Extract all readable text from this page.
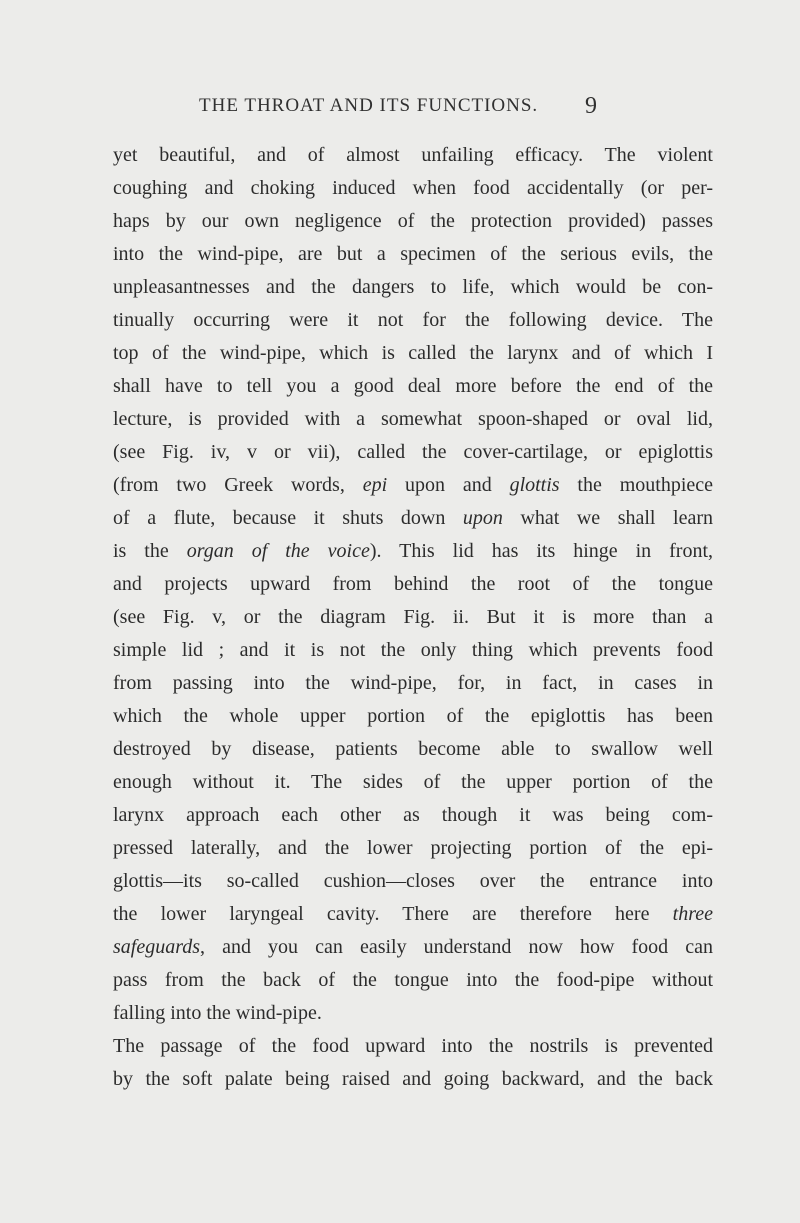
THE THROAT AND ITS FUNCTIONS. 9
yet beautiful, and of almost unfailing efficacy. The violent
coughing and choking induced when food accidentally (or per-
haps by our own negligence of the protection provided) passes
into the wind-pipe, are but a specimen of the serious evils, the
unpleasantnesses and the dangers to life, which would be con-
tinually occurring were it not for the following device. The
top of the wind-pipe, which is called the larynx and of which I
shall have to tell you a good deal more before the end of the
lecture, is provided with a somewhat spoon-shaped or oval lid,
(see Fig. iv, v or vii), called the cover-cartilage, or epiglottis
(from two Greek words, epi upon and glottis the mouthpiece
of a flute, because it shuts down upon what we shall learn
is the organ of the voice). This lid has its hinge in front,
and projects upward from behind the root of the tongue
(see Fig. v, or the diagram Fig. ii. But it is more than a
simple lid ; and it is not the only thing which prevents food
from passing into the wind-pipe, for, in fact, in cases in
which the whole upper portion of the epiglottis has been
destroyed by disease, patients become able to swallow well
enough without it. The sides of the upper portion of the
larynx approach each other as though it was being com-
pressed laterally, and the lower projecting portion of the epi-
glottis—its so-called cushion—closes over the entrance into
the lower laryngeal cavity. There are therefore here three
safeguards, and you can easily understand now how food can
pass from the back of the tongue into the food-pipe without
falling into the wind-pipe.
The passage of the food upward into the nostrils is prevented
by the soft palate being raised and going backward, and the back
